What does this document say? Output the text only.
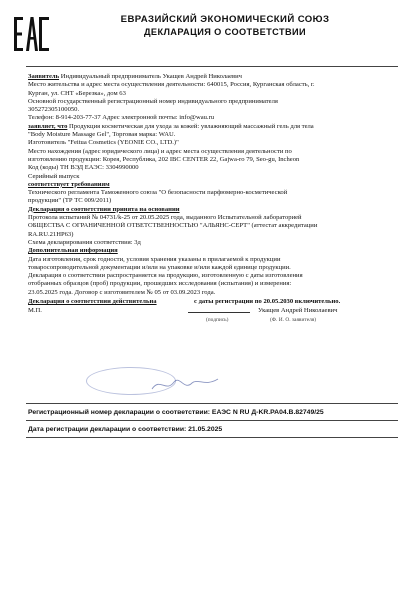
ЕВРАЗИЙСКИЙ ЭКОНОМИЧЕСКИЙ СОЮЗ
ДЕКЛАРАЦИЯ О СООТВЕТСТВИИ
Заявитель Индивидуальный предприниматель Укащев Андрей Николаевич
Место жительства и адрес места осуществления деятельности: 640015, Россия, Курганская область, г.
Курган, ул. СНТ «Березка», дом 63
Основной государственный регистрационный номер индивидуального предпринимателя
305272305100050.
Телефон: 8-914-203-77-37 Адрес электронной почты: info@wau.ru
заявляет, что Продукция косметическая для ухода за кожей: увлажняющий массажный гель для тела
"Body Moisture Massage Gel", Торговая марка: WAU.
Изготовитель "Feitua Cosmetics (YEONIE CO., LTD.)"
Место нахождения (адрес юридического лица) и адрес места осуществления деятельности по
изготовлению продукции: Корея, Республика, 202 IBC CENTER 22, Gajwa-ro 79, Seo-gu, Incheon
Код (коды) ТН ВЭД ЕАЭС: 3304990000
Серийный выпуск
соответствует требованиям
Технического регламента Таможенного союза "О безопасности парфюмерно-косметической
продукции" (ТР ТС 009/2011)
Декларация о соответствии принята на основании
Протокола испытаний № 04731/k-25 от 20.05.2025 года, выданного Испытательной лабораторией
ОБЩЕСТВА С ОГРАНИЧЕННОЙ ОТВЕТСТВЕННОСТЬЮ "АЛЬЯНС-СЕРТ" (аттестат аккредитации
RA.RU.21HP63)
Схема декларирования соответствия: 3д
Дополнительная информация
Дата изготовления, срок годности, условия хранения указаны в прилагаемой к продукции
товаросопроводительной документации и/или на упаковке и/или каждой единице продукции.
Декларация о соответствии распространяется на продукцию, изготовленную с даты изготовления
отобранных образцов (проб) продукции, прошедших исследования (испытания) и измерения:
23.05.2025 года. Договор с изготовителем № 05 от 03.09.2023 года.
Декларация о соответствии действительна	с даты регистрации по 20.05.2030 включительно.
М.П.	Укащев Андрей Николаевич
(подпись)	(Ф. И. О. заявителя)
Регистрационный номер декларации о соответствии: ЕАЭС N RU Д-KR.PA04.B.82749/25
Дата регистрации декларации о соответствии: 21.05.2025
